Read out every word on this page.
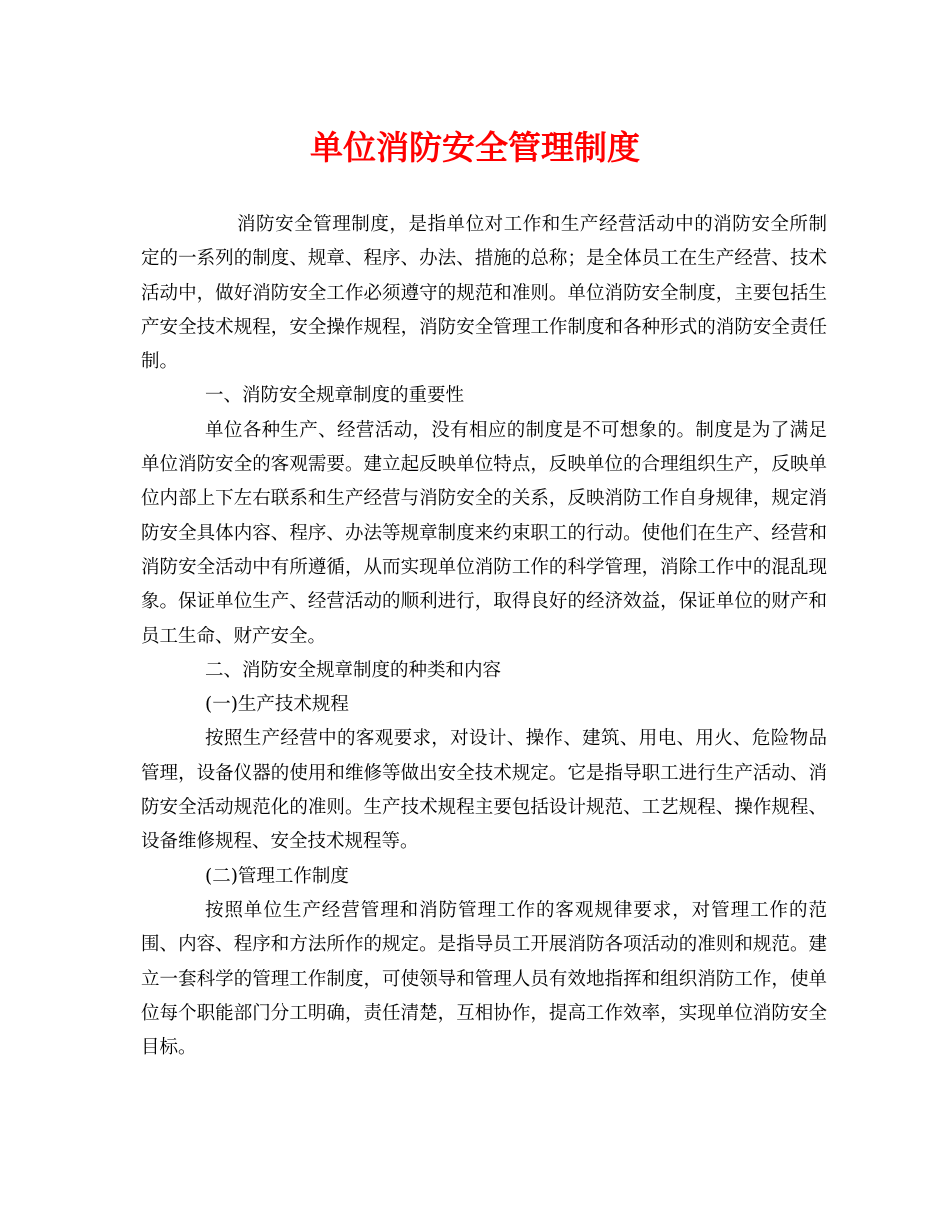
单位消防安全管理制度

消防安全管理制度，是指单位对工作和生产经营活动中的消防安全所制定的一系列的制度、规章、程序、办法、措施的总称；是全体员工在生产经营、技术活动中，做好消防安全工作必须遵守的规范和准则。单位消防安全制度，主要包括生产安全技术规程，安全操作规程，消防安全管理工作制度和各种形式的消防安全责任制。

一、消防安全规章制度的重要性

单位各种生产、经营活动，没有相应的制度是不可想象的。制度是为了满足单位消防安全的客观需要。建立起反映单位特点，反映单位的合理组织生产，反映单位内部上下左右联系和生产经营与消防安全的关系，反映消防工作自身规律，规定消防安全具体内容、程序、办法等规章制度来约束职工的行动。使他们在生产、经营和消防安全活动中有所遵循，从而实现单位消防工作的科学管理，消除工作中的混乱现象。保证单位生产、经营活动的顺利进行，取得良好的经济效益，保证单位的财产和员工生命、财产安全。

二、消防安全规章制度的种类和内容

(一)生产技术规程

按照生产经营中的客观要求，对设计、操作、建筑、用电、用火、危险物品管理，设备仪器的使用和维修等做出安全技术规定。它是指导职工进行生产活动、消防安全活动规范化的准则。生产技术规程主要包括设计规范、工艺规程、操作规程、设备维修规程、安全技术规程等。

(二)管理工作制度

按照单位生产经营管理和消防管理工作的客观规律要求，对管理工作的范围、内容、程序和方法所作的规定。是指导员工开展消防各项活动的准则和规范。建立一套科学的管理工作制度，可使领导和管理人员有效地指挥和组织消防工作，使单位每个职能部门分工明确，责任清楚，互相协作，提高工作效率，实现单位消防安全目标。
